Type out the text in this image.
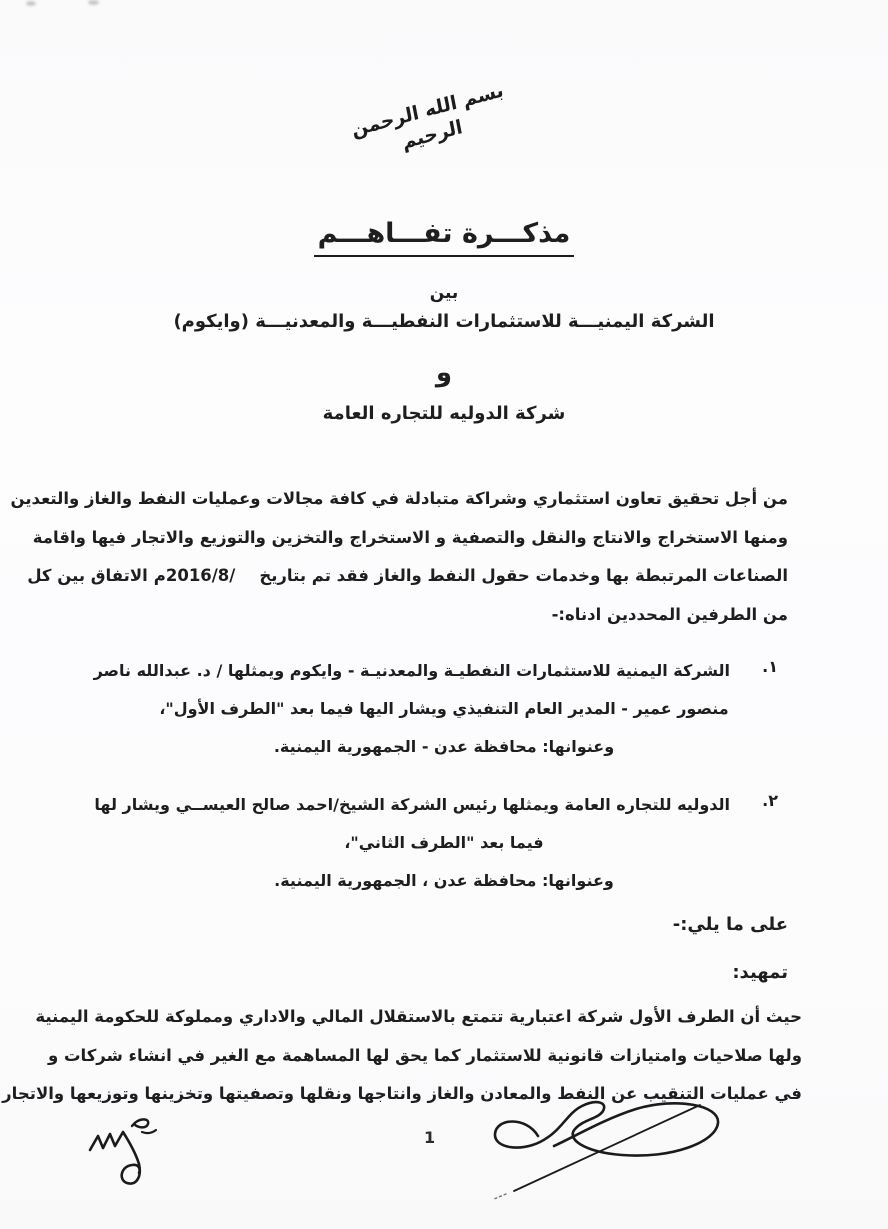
بسم الله الرحمن الرحيم
مذكـــرة تفـــاهـــم
بين
الشركة اليمنيـــة للاستثمارات النفطيـــة والمعدنيـــة (وايكوم)
و
شركة الدوليه للتجاره العامة
من أجل تحقيق تعاون استثماري وشراكة متبادلة في كافة مجالات وعمليات النفط والغاز والتعدين
ومنها الاستخراج والانتاج والنقل والتصفية و الاستخراج والتخزين والتوزيع والاتجار فيها واقامة
الصناعات المرتبطة بها وخدمات حقول النفط والغاز فقد تم بتاريخم2016/8/الاتفاق بين كل
من الطرفين المحددين ادناه:-
١.
الشركة اليمنية للاستثمارات النفطيـة والمعدنيـة - وايكوم ويمثلها / د. عبدالله ناصر
منصور عمير - المدير العام التنفيذي ويشار اليها فيما بعد "الطرف الأول"،
وعنوانها: محافظة عدن - الجمهورية اليمنية.
٢.
الدوليه للتجاره العامة ويمثلها رئيس الشركة الشيخ/احمد صالح العيســي ويشار لها
فيما بعد "الطرف الثاني"،
وعنوانها: محافظة عدن ، الجمهورية اليمنية.
على ما يلي:-
تمهيد:
حيث أن الطرف الأول شركة اعتبارية تتمتع بالاستقلال المالي والاداري ومملوكة للحكومة اليمنية
ولها صلاحيات وامتيازات قانونية للاستثمار كما يحق لها المساهمة مع الغير في انشاء شركات و
في عمليات التنقيب عن النفط والمعادن والغاز وانتاجها ونقلها وتصفيتها وتخزينها وتوزيعها والاتجار
1
